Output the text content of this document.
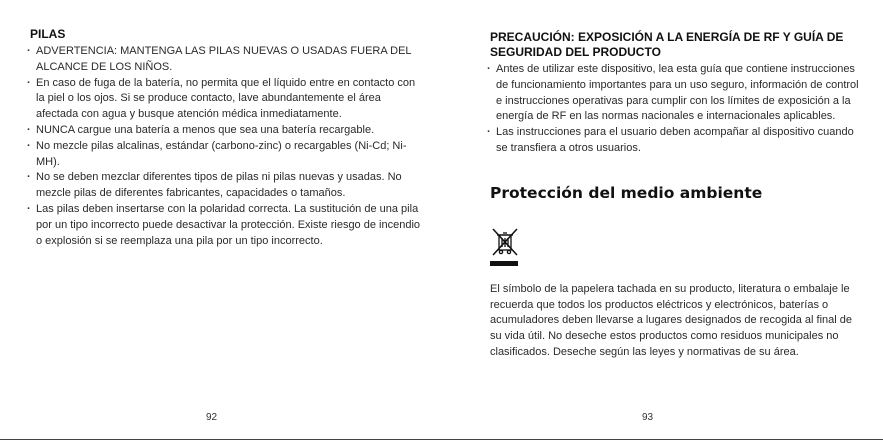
PILAS
· ADVERTENCIA: MANTENGA LAS PILAS NUEVAS O USADAS FUERA DEL ALCANCE DE LOS NIÑOS.
· En caso de fuga de la batería, no permita que el líquido entre en contacto con la piel o los ojos. Si se produce contacto, lave abundantemente el área afectada con agua y busque atención médica inmediatamente.
· NUNCA cargue una batería a menos que sea una batería recargable.
· No mezcle pilas alcalinas, estándar (carbono-zinc) o recargables (Ni-Cd; Ni-MH).
· No se deben mezclar diferentes tipos de pilas ni pilas nuevas y usadas. No mezcle pilas de diferentes fabricantes, capacidades o tamaños.
· Las pilas deben insertarse con la polaridad correcta. La sustitución de una pila por un tipo incorrecto puede desactivar la protección. Existe riesgo de incendio o explosión si se reemplaza una pila por un tipo incorrecto.
92
PRECAUCIÓN: EXPOSICIÓN A LA ENERGÍA DE RF Y GUÍA DE SEGURIDAD DEL PRODUCTO
· Antes de utilizar este dispositivo, lea esta guía que contiene instrucciones de funcionamiento importantes para un uso seguro, información de control e instrucciones operativas para cumplir con los límites de exposición a la energía de RF en las normas nacionales e internacionales aplicables.
· Las instrucciones para el usuario deben acompañar al dispositivo cuando se transfiera a otros usuarios.
Protección del medio ambiente

El símbolo de la papelera tachada en su producto, literatura o embalaje le recuerda que todos los productos eléctricos y electrónicos, baterías o acumuladores deben llevarse a lugares designados de recogida al final de su vida útil. No deseche estos productos como residuos municipales no clasificados. Deseche según las leyes y normativas de su área.

93
